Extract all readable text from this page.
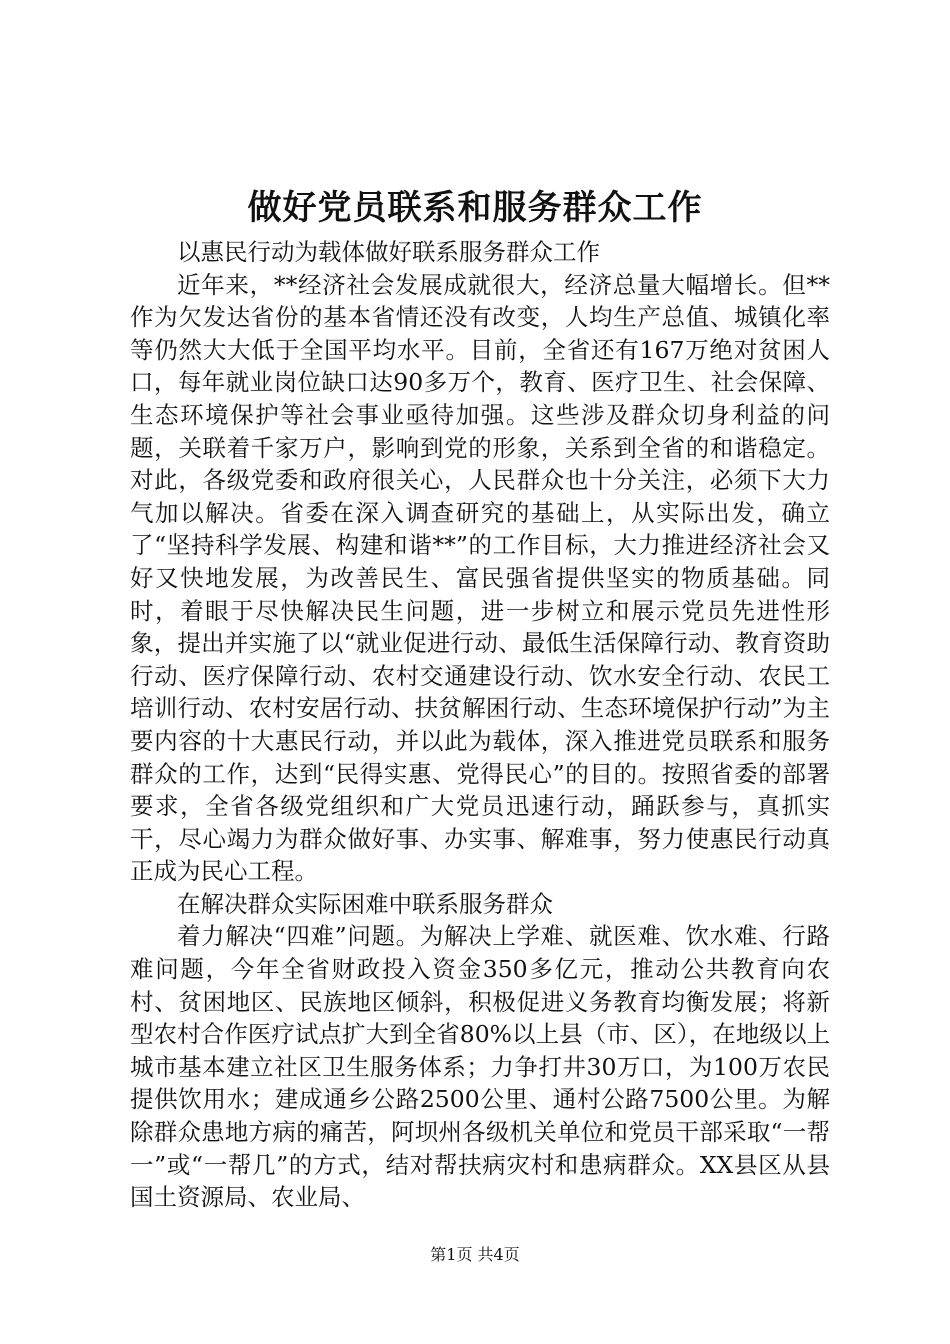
做好党员联系和服务群众工作

以惠民行动为载体做好联系服务群众工作

近年来，**经济社会发展成就很大，经济总量大幅增长。但**作为欠发达省份的基本省情还没有改变，人均生产总值、城镇化率等仍然大大低于全国平均水平。目前，全省还有167万绝对贫困人口，每年就业岗位缺口达90多万个，教育、医疗卫生、社会保障、生态环境保护等社会事业亟待加强。这些涉及群众切身利益的问题，关联着千家万户，影响到党的形象，关系到全省的和谐稳定。对此，各级党委和政府很关心，人民群众也十分关注，必须下大力气加以解决。省委在深入调查研究的基础上，从实际出发，确立了“坚持科学发展、构建和谐**”的工作目标，大力推进经济社会又好又快地发展，为改善民生、富民强省提供坚实的物质基础。同时，着眼于尽快解决民生问题，进一步树立和展示党员先进性形象，提出并实施了以“就业促进行动、最低生活保障行动、教育资助行动、医疗保障行动、农村交通建设行动、饮水安全行动、农民工培训行动、农村安居行动、扶贫解困行动、生态环境保护行动”为主要内容的十大惠民行动，并以此为载体，深入推进党员联系和服务群众的工作，达到“民得实惠、党得民心”的目的。按照省委的部署要求，全省各级党组织和广大党员迅速行动，踊跃参与，真抓实干，尽心竭力为群众做好事、办实事、解难事，努力使惠民行动真正成为民心工程。

在解决群众实际困难中联系服务群众

着力解决“四难”问题。为解决上学难、就医难、饮水难、行路难问题，今年全省财政投入资金350多亿元，推动公共教育向农村、贫困地区、民族地区倾斜，积极促进义务教育均衡发展；将新型农村合作医疗试点扩大到全省80%以上县（市、区），在地级以上城市基本建立社区卫生服务体系；力争打井30万口，为100万农民提供饮用水；建成通乡公路2500公里、通村公路7500公里。为解除群众患地方病的痛苦，阿坝州各级机关单位和党员干部采取“一帮一”或“一帮几”的方式，结对帮扶病灾村和患病群众。XX县区从县国土资源局、农业局、

第1页 共4页
